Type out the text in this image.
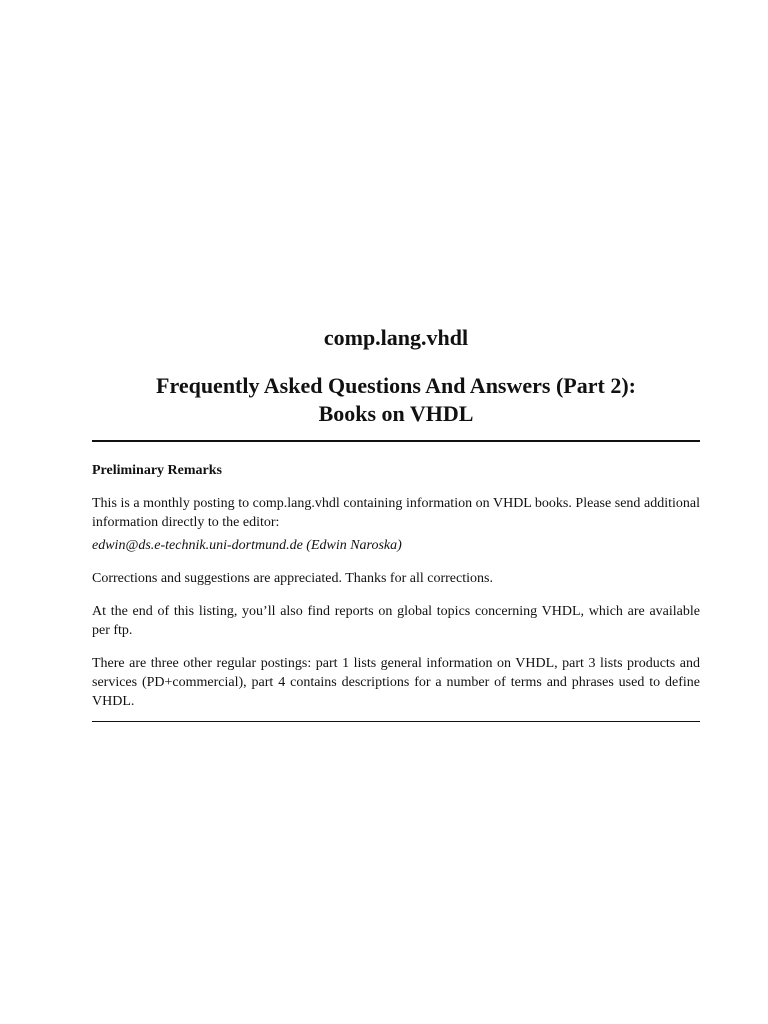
comp.lang.vhdl
Frequently Asked Questions And Answers (Part 2):
Books on VHDL

Preliminary Remarks

This is a monthly posting to comp.lang.vhdl containing information on VHDL books. Please send additional information directly to the editor:

edwin@ds.e-technik.uni-dortmund.de (Edwin Naroska)

Corrections and suggestions are appreciated. Thanks for all corrections.

At the end of this listing, you’ll also find reports on global topics concerning VHDL, which are available per ftp.

There are three other regular postings: part 1 lists general information on VHDL, part 3 lists products and services (PD+commercial), part 4 contains descriptions for a number of terms and phrases used to define VHDL.
